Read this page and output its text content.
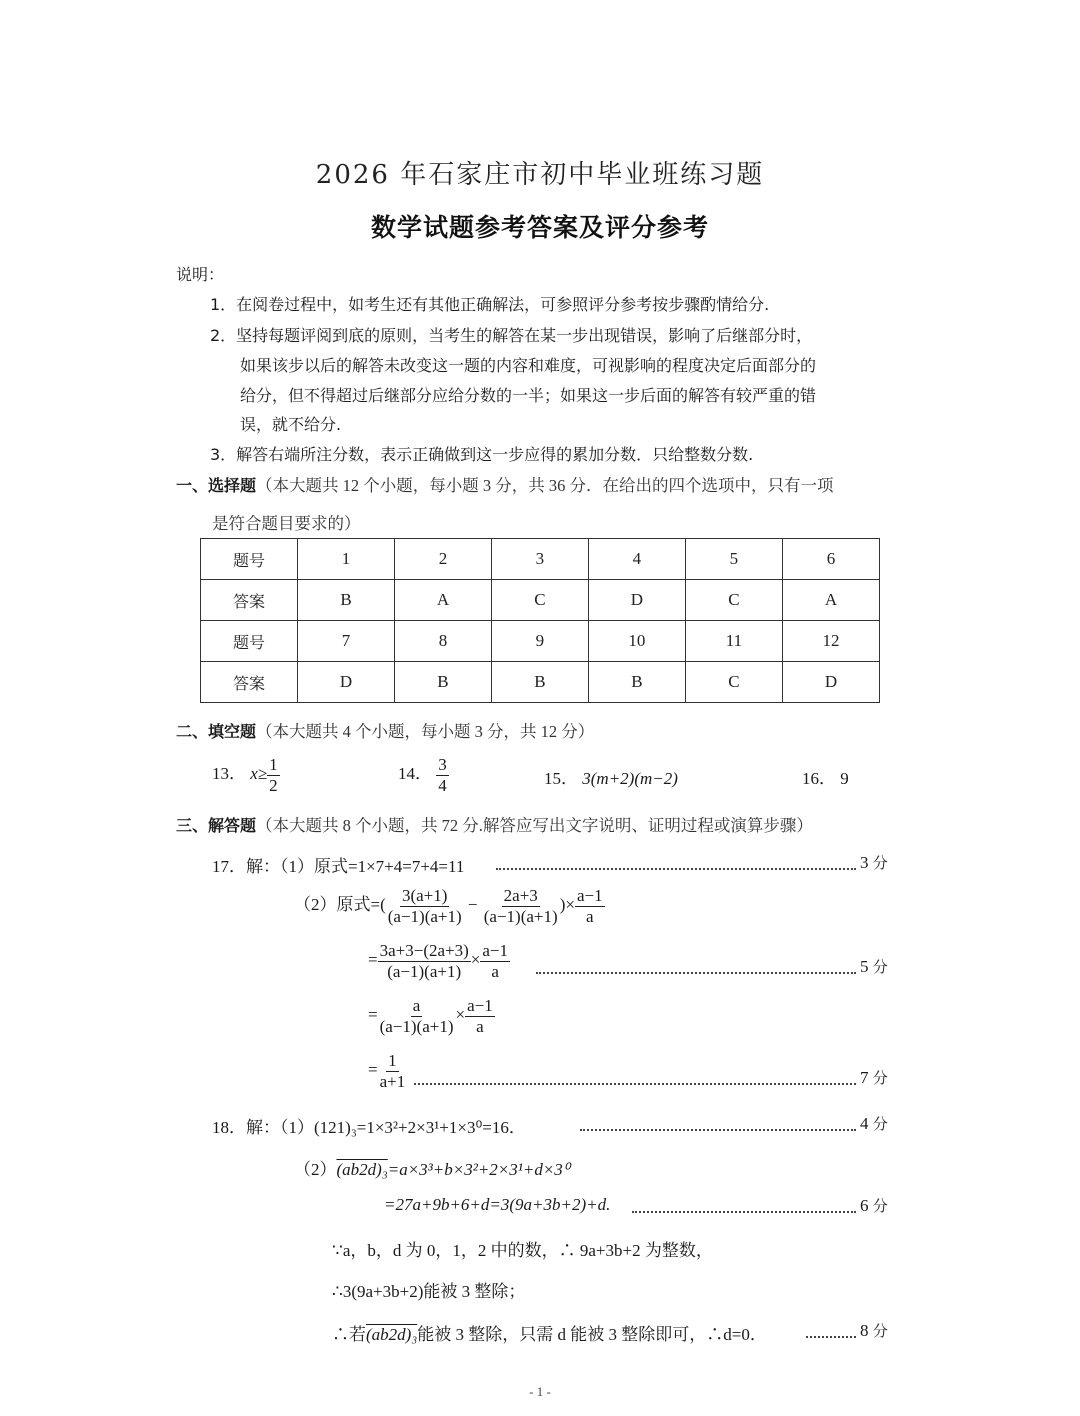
2026 年石家庄市初中毕业班练习题
数学试题参考答案及评分参考
说明：
1．在阅卷过程中，如考生还有其他正确解法，可参照评分参考按步骤酌情给分.
2．坚持每题评阅到底的原则，当考生的解答在某一步出现错误，影响了后继部分时，
如果该步以后的解答未改变这一题的内容和难度，可视影响的程度决定后面部分的
给分，但不得超过后继部分应给分数的一半；如果这一步后面的解答有较严重的错
误，就不给分.
3．解答右端所注分数，表示正确做到这一步应得的累加分数．只给整数分数.
一、选择题（本大题共 12 个小题，每小题 3 分，共 36 分．在给出的四个选项中，只有一项
是符合题目要求的）
题号	1	2	3	4	5	6
答案	B	A	C	D	C	A
题号	7	8	9	10	11	12
答案	D	B	B	B	C	D
二、填空题（本大题共 4 个小题，每小题 3 分，共 12 分）
13． $x\ge \frac{1}{2}$	14． $\frac{3}{4}$	15． 3(m+2)(m−2)	16． 9
三、解答题（本大题共 8 个小题，共 72 分.解答应写出文字说明、证明过程或演算步骤）
17．解：（1）原式=1×7+4=7+4=11	3 分
（2）原式=( $\frac{3(a+1)}{(a-1)(a+1)} - \frac{2a+3}{(a-1)(a+1)}$ )× $\frac{a-1}{a}$
= $\frac{3a+3-(2a+3)}{(a-1)(a+1)} \times \frac{a-1}{a}$	5 分
= $\frac{a}{(a-1)(a+1)} \times \frac{a-1}{a}$
= $\frac{1}{a+1}$	7 分
18．解：（1）(121)₃=1×3²+2×3¹+1×3⁰=16．	4 分
（2）(ab2d)₃=a×3³+b×3²+2×3¹+d×3⁰
=27a+9b+6+d=3(9a+3b+2)+d.	6 分
∵a，b，d 为 0，1，2 中的数，∴ 9a+3b+2 为整数，
∴3(9a+3b+2)能被 3 整除；
∴若(ab2d)₃能被 3 整除，只需 d 能被 3 整除即可，∴d=0．	8 分
- 1 -
